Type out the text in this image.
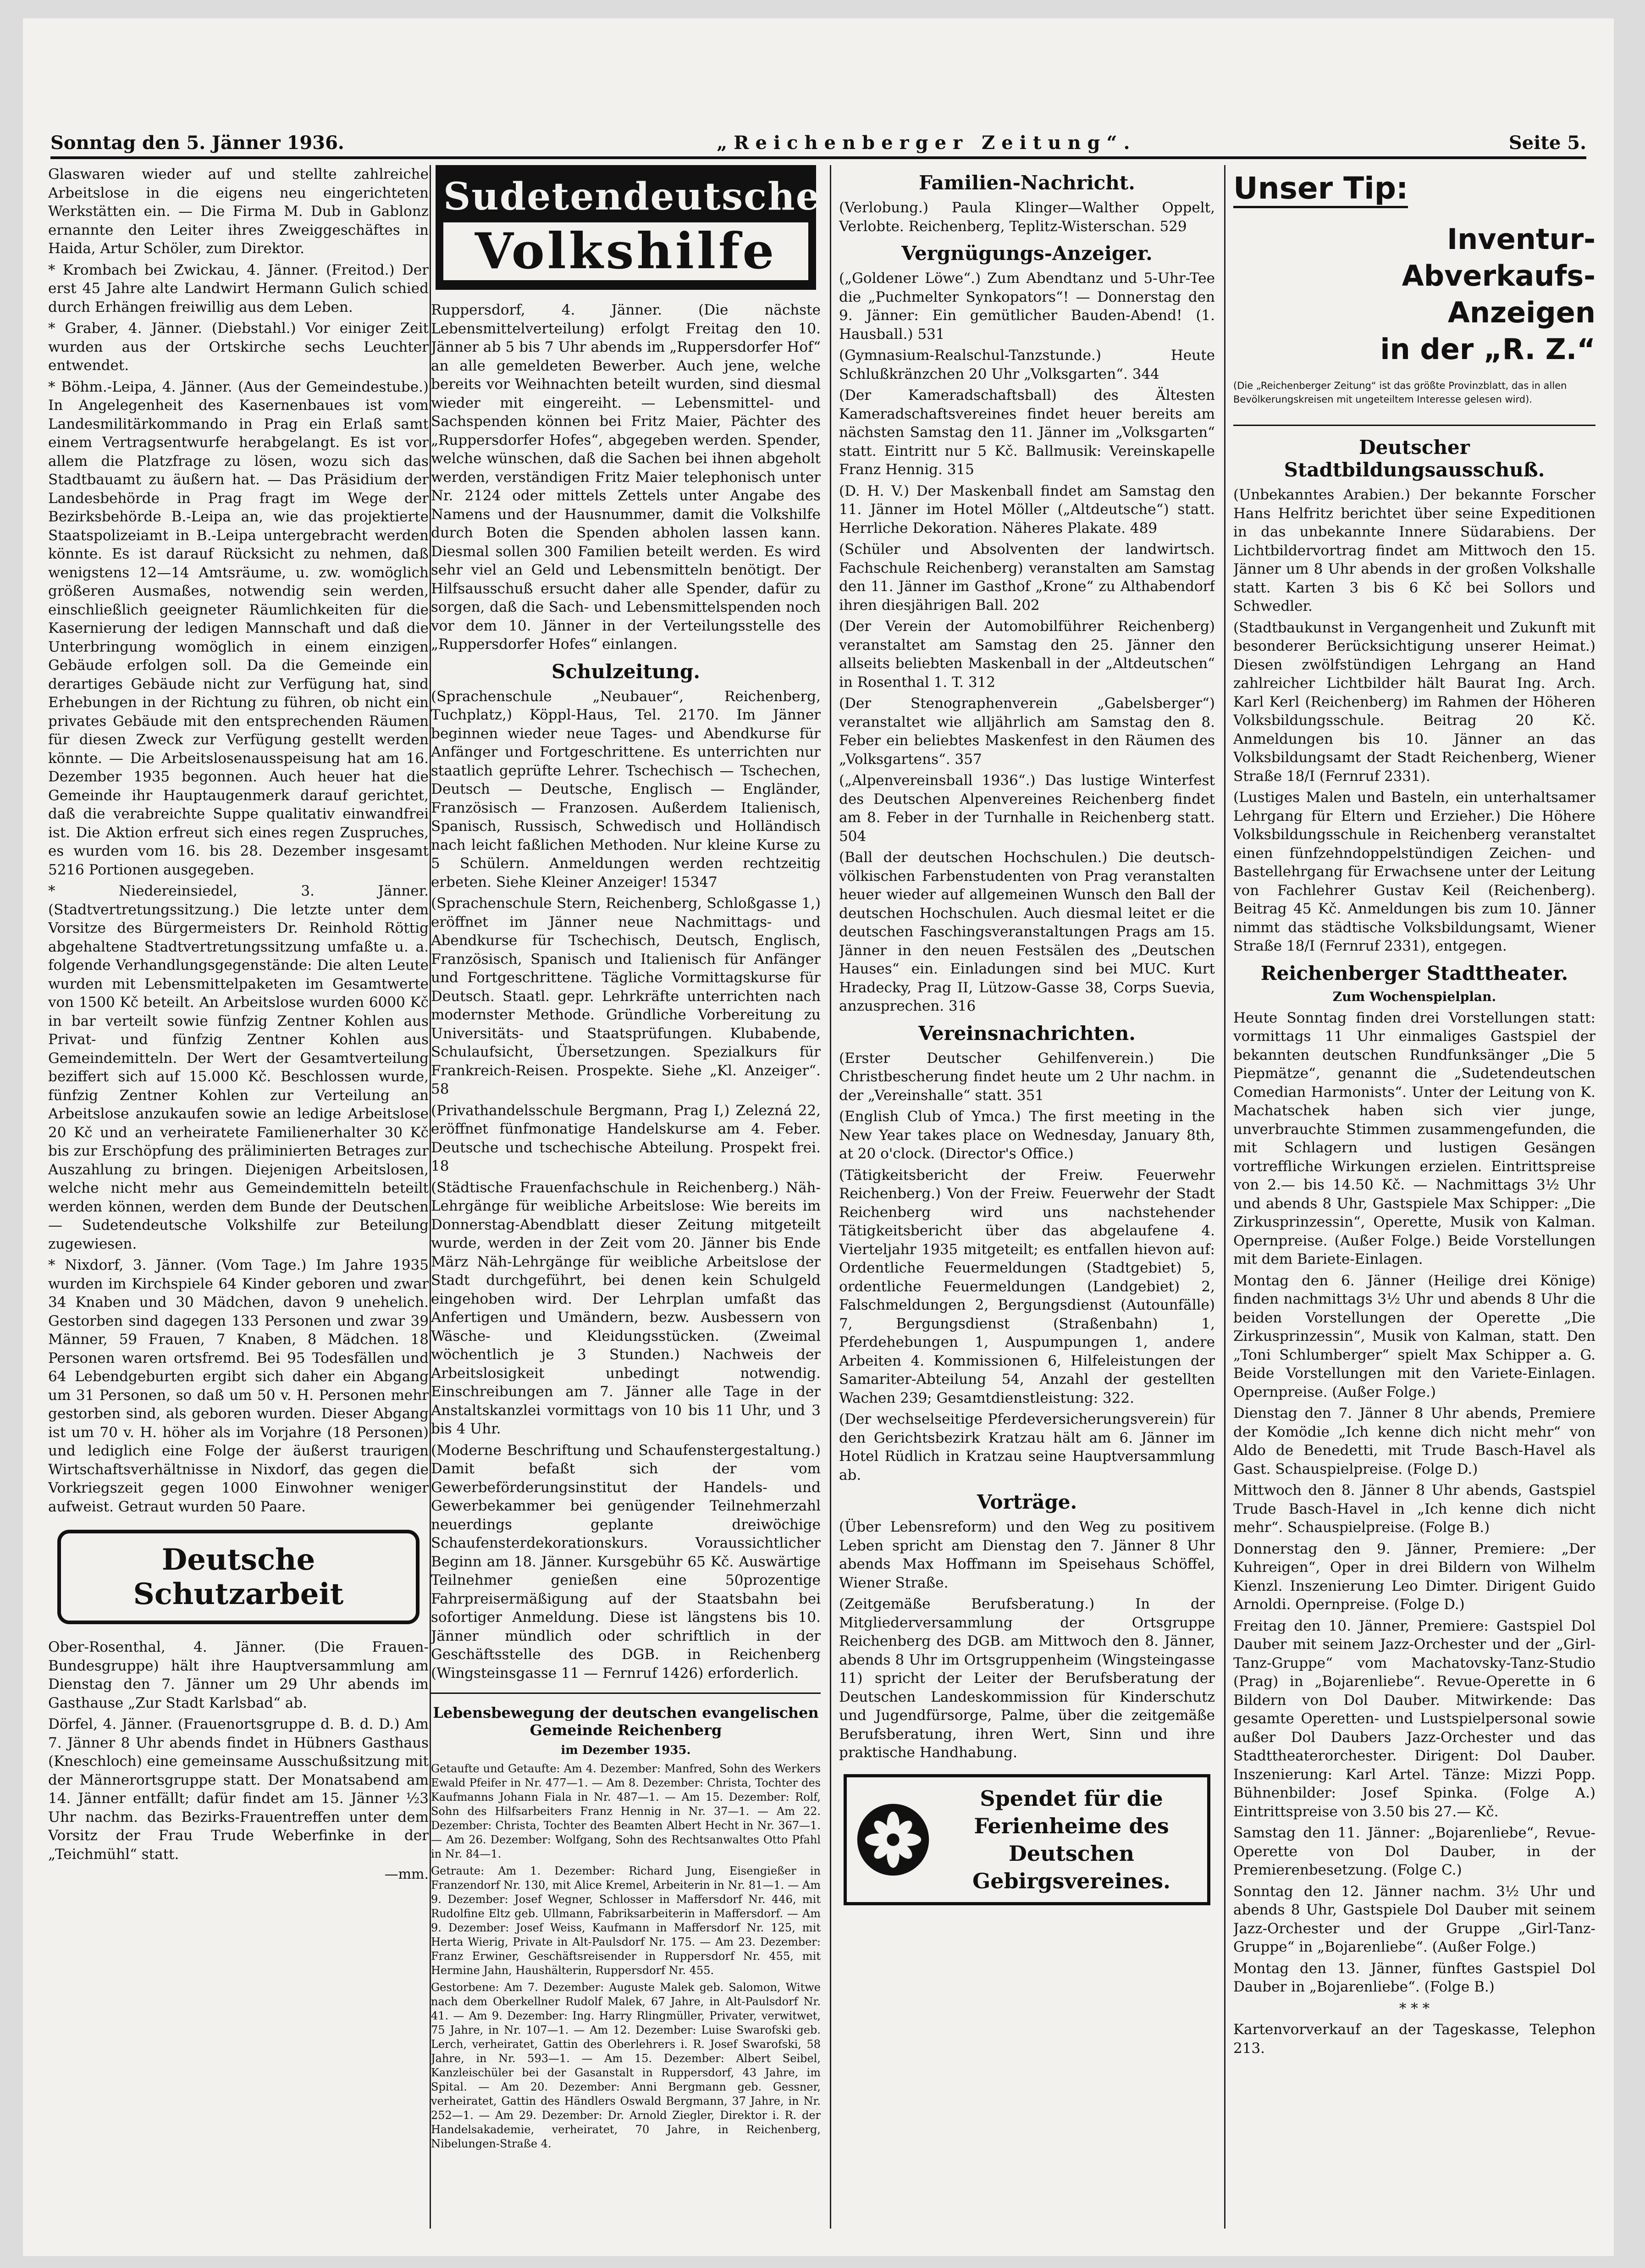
Sonntag den 5. Jänner 1936.	„Reichenberger Zeitung“.	Seite 5.

Glaswaren wieder auf und stellte zahlreiche Arbeitslose in die eigens neu eingerichteten Werkstätten ein. — Die Firma M. Dub in Gablonz ernannte den Leiter ihres Zweiggeschäftes in Haida, Artur Schöler, zum Direktor.

* Krombach bei Zwickau, 4. Jänner. (Freitod.) Der erst 45 Jahre alte Landwirt Hermann Gulich schied durch Erhängen freiwillig aus dem Leben.

* Graber, 4. Jänner. (Diebstahl.) Vor einiger Zeit wurden aus der Ortskirche sechs Leuchter entwendet.

* Böhm.-Leipa, 4. Jänner. (Aus der Gemeindestube.) In Angelegenheit des Kasernenbaues ist vom Landesmilitärkommando in Prag ein Erlaß samt einem Vertragsentwurfe herabgelangt. Es ist vor allem die Platzfrage zu lösen, wozu sich das Stadtbauamt zu äußern hat. — Das Präsidium der Landesbehörde in Prag fragt im Wege der Bezirksbehörde B.-Leipa an, wie das projektierte Staatspolizeiamt in B.-Leipa untergebracht werden könnte. Es ist darauf Rücksicht zu nehmen, daß wenigstens 12—14 Amtsräume, u. zw. womöglich größeren Ausmaßes, notwendig sein werden, einschließlich geeigneter Räumlichkeiten für die Kasernierung der ledigen Mannschaft und daß die Unterbringung womöglich in einem einzigen Gebäude erfolgen soll. Da die Gemeinde ein derartiges Gebäude nicht zur Verfügung hat, sind Erhebungen in der Richtung zu führen, ob nicht ein privates Gebäude mit den entsprechenden Räumen für diesen Zweck zur Verfügung gestellt werden könnte. — Die Arbeitslosenausspeisung hat am 16. Dezember 1935 begonnen. Auch heuer hat die Gemeinde ihr Hauptaugenmerk darauf gerichtet, daß die verabreichte Suppe qualitativ einwandfrei ist. Die Aktion erfreut sich eines regen Zuspruches, es wurden vom 16. bis 28. Dezember insgesamt 5216 Portionen ausgegeben.

* Niedereinsiedel, 3. Jänner. (Stadtvertretungssitzung.) Die letzte unter dem Vorsitze des Bürgermeisters Dr. Reinhold Röttig abgehaltene Stadtvertretungssitzung umfaßte u. a. folgende Verhandlungsgegenstände: Die alten Leute wurden mit Lebensmittelpaketen im Gesamtwerte von 1500 Kč beteilt. An Arbeitslose wurden 6000 Kč in bar verteilt sowie fünfzig Zentner Kohlen aus Privat- und fünfzig Zentner Kohlen aus Gemeindemitteln. Der Wert der Gesamtverteilung beziffert sich auf 15.000 Kč. Beschlossen wurde, fünfzig Zentner Kohlen zur Verteilung an Arbeitslose anzukaufen sowie an ledige Arbeitslose 20 Kč und an verheiratete Familienerhalter 30 Kč bis zur Erschöpfung des präliminierten Betrages zur Auszahlung zu bringen. Diejenigen Arbeitslosen, welche nicht mehr aus Gemeindemitteln beteilt werden können, werden dem Bunde der Deutschen — Sudetendeutsche Volkshilfe zur Beteilung zugewiesen.

* Nixdorf, 3. Jänner. (Vom Tage.) Im Jahre 1935 wurden im Kirchspiele 64 Kinder geboren und zwar 34 Knaben und 30 Mädchen, davon 9 unehelich. Gestorben sind dagegen 133 Personen und zwar 39 Männer, 59 Frauen, 7 Knaben, 8 Mädchen. 18 Personen waren ortsfremd. Bei 95 Todesfällen und 64 Lebendgeburten ergibt sich daher ein Abgang um 31 Personen, so daß um 50 v. H. Personen mehr gestorben sind, als geboren wurden. Dieser Abgang ist um 70 v. H. höher als im Vorjahre (18 Personen) und lediglich eine Folge der äußerst traurigen Wirtschaftsverhältnisse in Nixdorf, das gegen die Vorkriegszeit gegen 1000 Einwohner weniger aufweist. Getraut wurden 50 Paare.

Deutsche Schutzarbeit

Ober-Rosenthal, 4. Jänner. (Die Frauen-Bundesgruppe) hält ihre Hauptversammlung am Dienstag den 7. Jänner um 29 Uhr abends im Gasthause „Zur Stadt Karlsbad“ ab.

Dörfel, 4. Jänner. (Frauenortsgruppe d. B. d. D.) Am 7. Jänner 8 Uhr abends findet in Hübners Gasthaus (Kneschloch) eine gemeinsame Ausschußsitzung mit der Männerortsgruppe statt. Der Monatsabend am 14. Jänner entfällt; dafür findet am 15. Jänner ½3 Uhr nachm. das Bezirks-Frauentreffen unter dem Vorsitz der Frau Trude Weberfinke in der „Teichmühl“ statt.

—mm.
Sudetendeutsche
Volkshilfe

Ruppersdorf, 4. Jänner. (Die nächste Lebensmittelverteilung) erfolgt Freitag den 10. Jänner ab 5 bis 7 Uhr abends im „Ruppersdorfer Hof“ an alle gemeldeten Bewerber. Auch jene, welche bereits vor Weihnachten beteilt wurden, sind diesmal wieder mit eingereiht. — Lebensmittel- und Sachspenden können bei Fritz Maier, Pächter des „Ruppersdorfer Hofes“, abgegeben werden. Spender, welche wünschen, daß die Sachen bei ihnen abgeholt werden, verständigen Fritz Maier telephonisch unter Nr. 2124 oder mittels Zettels unter Angabe des Namens und der Hausnummer, damit die Volkshilfe durch Boten die Spenden abholen lassen kann. Diesmal sollen 300 Familien beteilt werden. Es wird sehr viel an Geld und Lebensmitteln benötigt. Der Hilfsausschuß ersucht daher alle Spender, dafür zu sorgen, daß die Sach- und Lebensmittelspenden noch vor dem 10. Jänner in der Verteilungsstelle des „Ruppersdorfer Hofes“ einlangen.

Schulzeitung.

(Sprachenschule „Neubauer“, Reichenberg, Tuchplatz,) Köppl-Haus, Tel. 2170. Im Jänner beginnen wieder neue Tages- und Abendkurse für Anfänger und Fortgeschrittene. Es unterrichten nur staatlich geprüfte Lehrer. Tschechisch — Tschechen, Deutsch — Deutsche, Englisch — Engländer, Französisch — Franzosen. Außerdem Italienisch, Spanisch, Russisch, Schwedisch und Holländisch nach leicht faßlichen Methoden. Nur kleine Kurse zu 5 Schülern. Anmeldungen werden rechtzeitig erbeten. Siehe Kleiner Anzeiger! 15347

(Sprachenschule Stern, Reichenberg, Schloßgasse 1,) eröffnet im Jänner neue Nachmittags- und Abendkurse für Tschechisch, Deutsch, Englisch, Französisch, Spanisch und Italienisch für Anfänger und Fortgeschrittene. Tägliche Vormittagskurse für Deutsch. Staatl. gepr. Lehrkräfte unterrichten nach modernster Methode. Gründliche Vorbereitung zu Universitäts- und Staatsprüfungen. Klubabende, Schulaufsicht, Übersetzungen. Spezialkurs für Frankreich-Reisen. Prospekte. Siehe „Kl. Anzeiger“. 58

(Privathandelsschule Bergmann, Prag I,) Zelezná 22, eröffnet fünfmonatige Handelskurse am 4. Feber. Deutsche und tschechische Abteilung. Prospekt frei. 18

(Städtische Frauenfachschule in Reichenberg.) Näh-Lehrgänge für weibliche Arbeitslose: Wie bereits im Donnerstag-Abendblatt dieser Zeitung mitgeteilt wurde, werden in der Zeit vom 20. Jänner bis Ende März Näh-Lehrgänge für weibliche Arbeitslose der Stadt durchgeführt, bei denen kein Schulgeld eingehoben wird. Der Lehrplan umfaßt das Anfertigen und Umändern, bezw. Ausbessern von Wäsche- und Kleidungsstücken. (Zweimal wöchentlich je 3 Stunden.) Nachweis der Arbeitslosigkeit unbedingt notwendig. Einschreibungen am 7. Jänner alle Tage in der Anstaltskanzlei vormittags von 10 bis 11 Uhr, und 3 bis 4 Uhr.

(Moderne Beschriftung und Schaufenstergestaltung.) Damit befaßt sich der vom Gewerbeförderungsinstitut der Handels- und Gewerbekammer bei genügender Teilnehmerzahl neuerdings geplante dreiwöchige Schaufensterdekorationskurs. Voraussichtlicher Beginn am 18. Jänner. Kursgebühr 65 Kč. Auswärtige Teilnehmer genießen eine 50prozentige Fahrpreisermäßigung auf der Staatsbahn bei sofortiger Anmeldung. Diese ist längstens bis 10. Jänner mündlich oder schriftlich in der Geschäftsstelle des DGB. in Reichenberg (Wingsteinsgasse 11 — Fernruf 1426) erforderlich.

Lebensbewegung der deutschen evangelischen Gemeinde Reichenberg
im Dezember 1935.

Getaufte und Getaufte: Am 4. Dezember: Manfred, Sohn des Werkers Ewald Pfeifer in Nr. 477—1. — Am 8. Dezember: Christa, Tochter des Kaufmanns Johann Fiala in Nr. 487—1. — Am 15. Dezember: Rolf, Sohn des Hilfsarbeiters Franz Hennig in Nr. 37—1. — Am 22. Dezember: Christa, Tochter des Beamten Albert Hecht in Nr. 367—1. — Am 26. Dezember: Wolfgang, Sohn des Rechtsanwaltes Otto Pfahl in Nr. 84—1.

Getraute: Am 1. Dezember: Richard Jung, Eisengießer in Franzendorf Nr. 130, mit Alice Kremel, Arbeiterin in Nr. 81—1. — Am 9. Dezember: Josef Wegner, Schlosser in Maffersdorf Nr. 446, mit Rudolfine Eltz geb. Ullmann, Fabriksarbeiterin in Maffersdorf. — Am 9. Dezember: Josef Weiss, Kaufmann in Maffersdorf Nr. 125, mit Herta Wierig, Private in Alt-Paulsdorf Nr. 175. — Am 23. Dezember: Franz Erwiner, Geschäftsreisender in Ruppersdorf Nr. 455, mit Hermine Jahn, Haushälterin, Ruppersdorf Nr. 455.

Gestorbene: Am 7. Dezember: Auguste Malek geb. Salomon, Witwe nach dem Oberkellner Rudolf Malek, 67 Jahre, in Alt-Paulsdorf Nr. 41. — Am 9. Dezember: Ing. Harry Rlingmüller, Privater, verwitwet, 75 Jahre, in Nr. 107—1. — Am 12. Dezember: Luise Swarofski geb. Lerch, verheiratet, Gattin des Oberlehrers i. R. Josef Swarofski, 58 Jahre, in Nr. 593—1. — Am 15. Dezember: Albert Seibel, Kanzleischüler bei der Gasanstalt in Ruppersdorf, 43 Jahre, im Spital. — Am 20. Dezember: Anni Bergmann geb. Gessner, verheiratet, Gattin des Händlers Oswald Bergmann, 37 Jahre, in Nr. 252—1. — Am 29. Dezember: Dr. Arnold Ziegler, Direktor i. R. der Handelsakademie, verheiratet, 70 Jahre, in Reichenberg, Nibelungen-Straße 4.

Familien-Nachricht.

(Verlobung.) Paula Klinger—Walther Oppelt, Verlobte. Reichenberg, Teplitz-Wisterschan. 529

Vergnügungs-Anzeiger.

(„Goldener Löwe“.) Zum Abendtanz und 5-Uhr-Tee die „Puchmelter Synkopators“! — Donnerstag den 9. Jänner: Ein gemütlicher Bauden-Abend! (1. Hausball.) 531

(Gymnasium-Realschul-Tanzstunde.) Heute Schlußkränzchen 20 Uhr „Volksgarten“. 344

(Der Kameradschaftsball) des Ältesten Kameradschaftsvereines findet heuer bereits am nächsten Samstag den 11. Jänner im „Volksgarten“ statt. Eintritt nur 5 Kč. Ballmusik: Vereinskapelle Franz Hennig. 315

(D. H. V.) Der Maskenball findet am Samstag den 11. Jänner im Hotel Möller („Altdeutsche“) statt. Herrliche Dekoration. Näheres Plakate. 489

(Schüler und Absolventen der landwirtsch. Fachschule Reichenberg) veranstalten am Samstag den 11. Jänner im Gasthof „Krone“ zu Althabendorf ihren diesjährigen Ball. 202

(Der Verein der Automobilführer Reichenberg) veranstaltet am Samstag den 25. Jänner den allseits beliebten Maskenball in der „Altdeutschen“ in Rosenthal 1. T. 312

(Der Stenographenverein „Gabelsberger“) veranstaltet wie alljährlich am Samstag den 8. Feber ein beliebtes Maskenfest in den Räumen des „Volksgartens“. 357

(„Alpenvereinsball 1936“.) Das lustige Winterfest des Deutschen Alpenvereines Reichenberg findet am 8. Feber in der Turnhalle in Reichenberg statt. 504

(Ball der deutschen Hochschulen.) Die deutsch-völkischen Farbenstudenten von Prag veranstalten heuer wieder auf allgemeinen Wunsch den Ball der deutschen Hochschulen. Auch diesmal leitet er die deutschen Faschingsveranstaltungen Prags am 15. Jänner in den neuen Festsälen des „Deutschen Hauses“ ein. Einladungen sind bei MUC. Kurt Hradecky, Prag II, Lützow-Gasse 38, Corps Suevia, anzusprechen. 316

Vereinsnachrichten.

(Erster Deutscher Gehilfenverein.) Die Christbescherung findet heute um 2 Uhr nachm. in der „Vereinshalle“ statt. 351

(English Club of Ymca.) The first meeting in the New Year takes place on Wednesday, January 8th, at 20 o'clock. (Director's Office.)

(Tätigkeitsbericht der Freiw. Feuerwehr Reichenberg.) Von der Freiw. Feuerwehr der Stadt Reichenberg wird uns nachstehender Tätigkeitsbericht über das abgelaufene 4. Vierteljahr 1935 mitgeteilt; es entfallen hievon auf: Ordentliche Feuermeldungen (Stadtgebiet) 5, ordentliche Feuermeldungen (Landgebiet) 2, Falschmeldungen 2, Bergungsdienst (Autounfälle) 7, Bergungsdienst (Straßenbahn) 1, Pferdehebungen 1, Auspumpungen 1, andere Arbeiten 4. Kommissionen 6, Hilfeleistungen der Samariter-Abteilung 54, Anzahl der gestellten Wachen 239; Gesamtdienstleistung: 322.

(Der wechselseitige Pferdeversicherungsverein) für den Gerichtsbezirk Kratzau hält am 6. Jänner im Hotel Rüdlich in Kratzau seine Hauptversammlung ab.

Vorträge.

(Über Lebensreform) und den Weg zu positivem Leben spricht am Dienstag den 7. Jänner 8 Uhr abends Max Hoffmann im Speisehaus Schöffel, Wiener Straße.

(Zeitgemäße Berufsberatung.) In der Mitgliederversammlung der Ortsgruppe Reichenberg des DGB. am Mittwoch den 8. Jänner, abends 8 Uhr im Ortsgruppenheim (Wingsteingasse 11) spricht der Leiter der Berufsberatung der Deutschen Landeskommission für Kinderschutz und Jugendfürsorge, Palme, über die zeitgemäße Berufsberatung, ihren Wert, Sinn und ihre praktische Handhabung.

Spendet für die Ferienheime des Deutschen Gebirgsvereines.
Unser Tip:
Inventur-
Abverkaufs-
Anzeigen
in der „R. Z.“
(Die „Reichenberger Zeitung“ ist das größte Provinzblatt, das in allen Bevölkerungskreisen mit ungeteiltem Interesse gelesen wird).
Deutscher Stadtbildungsausschuß.

(Unbekanntes Arabien.) Der bekannte Forscher Hans Helfritz berichtet über seine Expeditionen in das unbekannte Innere Südarabiens. Der Lichtbildervortrag findet am Mittwoch den 15. Jänner um 8 Uhr abends in der großen Volkshalle statt. Karten 3 bis 6 Kč bei Sollors und Schwedler.

(Stadtbaukunst in Vergangenheit und Zukunft mit besonderer Berücksichtigung unserer Heimat.) Diesen zwölfstündigen Lehrgang an Hand zahlreicher Lichtbilder hält Baurat Ing. Arch. Karl Kerl (Reichenberg) im Rahmen der Höheren Volksbildungsschule. Beitrag 20 Kč. Anmeldungen bis 10. Jänner an das Volksbildungsamt der Stadt Reichenberg, Wiener Straße 18/I (Fernruf 2331).

(Lustiges Malen und Basteln, ein unterhaltsamer Lehrgang für Eltern und Erzieher.) Die Höhere Volksbildungsschule in Reichenberg veranstaltet einen fünfzehndoppelstündigen Zeichen- und Bastellehrgang für Erwachsene unter der Leitung von Fachlehrer Gustav Keil (Reichenberg). Beitrag 45 Kč. Anmeldungen bis zum 10. Jänner nimmt das städtische Volksbildungsamt, Wiener Straße 18/I (Fernruf 2331), entgegen.

Reichenberger Stadttheater.
Zum Wochenspielplan.

Heute Sonntag finden drei Vorstellungen statt: vormittags 11 Uhr einmaliges Gastspiel der bekannten deutschen Rundfunksänger „Die 5 Piepmätze“, genannt die „Sudetendeutschen Comedian Harmonists“. Unter der Leitung von K. Machatschek haben sich vier junge, unverbrauchte Stimmen zusammengefunden, die mit Schlagern und lustigen Gesängen vortreffliche Wirkungen erzielen. Eintrittspreise von 2.— bis 14.50 Kč. — Nachmittags 3½ Uhr und abends 8 Uhr, Gastspiele Max Schipper: „Die Zirkusprinzessin“, Operette, Musik von Kalman. Opernpreise. (Außer Folge.) Beide Vorstellungen mit dem Bariete-Einlagen.

Montag den 6. Jänner (Heilige drei Könige) finden nachmittags 3½ Uhr und abends 8 Uhr die beiden Vorstellungen der Operette „Die Zirkusprinzessin“, Musik von Kalman, statt. Den „Toni Schlumberger“ spielt Max Schipper a. G. Beide Vorstellungen mit den Variete-Einlagen. Opernpreise. (Außer Folge.)

Dienstag den 7. Jänner 8 Uhr abends, Premiere der Komödie „Ich kenne dich nicht mehr“ von Aldo de Benedetti, mit Trude Basch-Havel als Gast. Schauspielpreise. (Folge D.)

Mittwoch den 8. Jänner 8 Uhr abends, Gastspiel Trude Basch-Havel in „Ich kenne dich nicht mehr“. Schauspielpreise. (Folge B.)

Donnerstag den 9. Jänner, Premiere: „Der Kuhreigen“, Oper in drei Bildern von Wilhelm Kienzl. Inszenierung Leo Dimter. Dirigent Guido Arnoldi. Opernpreise. (Folge D.)

Freitag den 10. Jänner, Premiere: Gastspiel Dol Dauber mit seinem Jazz-Orchester und der „Girl-Tanz-Gruppe“ vom Machatovsky-Tanz-Studio (Prag) in „Bojarenliebe“. Revue-Operette in 6 Bildern von Dol Dauber. Mitwirkende: Das gesamte Operetten- und Lustspielpersonal sowie außer Dol Daubers Jazz-Orchester und das Stadttheaterorchester. Dirigent: Dol Dauber. Inszenierung: Karl Artel. Tänze: Mizzi Popp. Bühnenbilder: Josef Spinka. (Folge A.) Eintrittspreise von 3.50 bis 27.— Kč.

Samstag den 11. Jänner: „Bojarenliebe“, Revue-Operette von Dol Dauber, in der Premierenbesetzung. (Folge C.)

Sonntag den 12. Jänner nachm. 3½ Uhr und abends 8 Uhr, Gastspiele Dol Dauber mit seinem Jazz-Orchester und der Gruppe „Girl-Tanz-Gruppe“ in „Bojarenliebe“. (Außer Folge.)

Montag den 13. Jänner, fünftes Gastspiel Dol Dauber in „Bojarenliebe“. (Folge B.)

* * *

Kartenvorverkauf an der Tageskasse, Telephon 213.
